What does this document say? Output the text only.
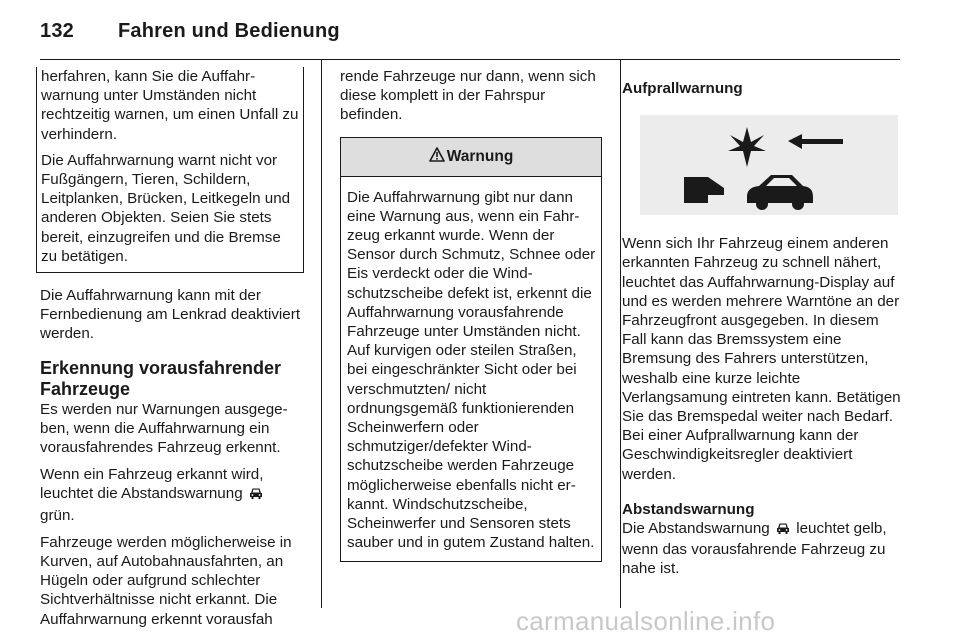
132 Fahren und Bedienung

herfahren, kann Sie die Auffahrwarnung unter Umständen nicht rechtzeitig warnen, um einen Unfall zu verhindern.

Die Auffahrwarnung warnt nicht vor Fußgängern, Tieren, Schildern, Leitplanken, Brücken, Leitkegeln und anderen Objekten. Seien Sie stets bereit, einzugreifen und die Bremse zu betätigen.

Die Auffahrwarnung kann mit der Fernbedienung am Lenkrad deaktiviert werden.

Erkennung vorausfahrender Fahrzeuge

Es werden nur Warnungen ausgegeben, wenn die Auffahrwarnung ein vorausfahrendes Fahrzeug erkennt.

Wenn ein Fahrzeug erkannt wird, leuchtet die Abstandswarnung
grün.

Fahrzeuge werden möglicherweise in Kurven, auf Autobahnausfahrten, an Hügeln oder aufgrund schlechter Sichtverhältnisse nicht erkannt. Die Auffahrwarnung erkennt vorausfah

rende Fahrzeuge nur dann, wenn sich diese komplett in der Fahrspur befinden.

Warnung
Die Auffahrwarnung gibt nur dann eine Warnung aus, wenn ein Fahrzeug erkannt wurde. Wenn der Sensor durch Schmutz, Schnee oder Eis verdeckt oder die Windschutzscheibe defekt ist, erkennt die Auffahrwarnung vorausfahrende Fahrzeuge unter Umständen nicht. Auf kurvigen oder steilen Straßen, bei eingeschränkter Sicht oder bei verschmutzten/ nicht ordnungsgemäß funktionierenden Scheinwerfern oder schmutziger/defekter Windschutzscheibe werden Fahrzeuge möglicherweise ebenfalls nicht erkannt. Windschutzscheibe, Scheinwerfer und Sensoren stets sauber und in gutem Zustand halten.
Aufprallwarnung

Wenn sich Ihr Fahrzeug einem anderen erkannten Fahrzeug zu schnell nähert, leuchtet das Auffahrwarnung-Display auf und es werden mehrere Warntöne an der Fahrzeugfront ausgegeben. In diesem Fall kann das Bremssystem eine Bremsung des Fahrers unterstützen, weshalb eine kurze leichte Verlangsamung eintreten kann. Betätigen Sie das Bremspedal weiter nach Bedarf. Bei einer Aufprallwarnung kann der Geschwindigkeitsregler deaktiviert werden.

Abstandswarnung

Die Abstandswarnung leuchtet gelb, wenn das vorausfahrende Fahrzeug zu nahe ist.

carmanualsonline.info
